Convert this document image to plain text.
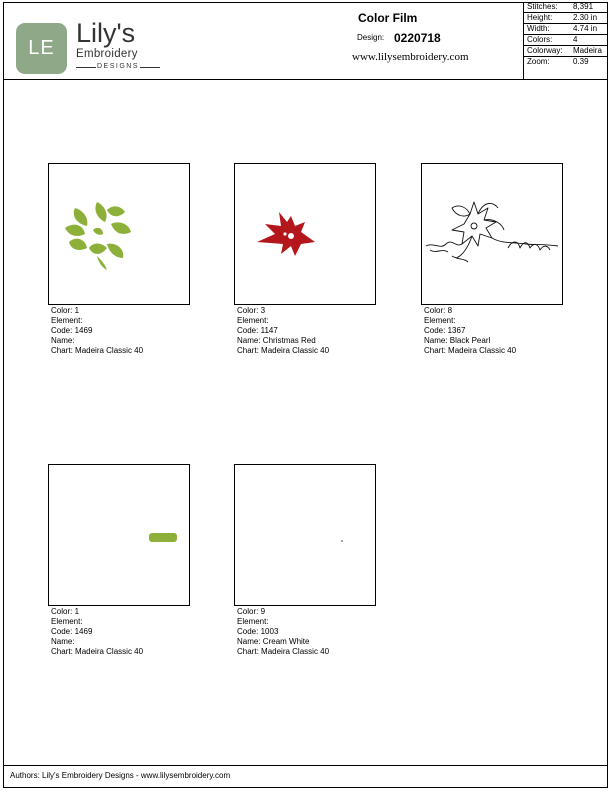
LE Lily's
Embroidery
DESIGNS
Color Film
Design: 0220718
www.lilysembroidery.com
Stitches: 8,391
Height:	2.30 in
Width:	4.74 in
Colors:	4
Colorway: Madeira
Zoom:	0.39
Color: 1
Element:
Code: 1469
Name:
Chart: Madeira Classic 40
Color: 3
Element:
Code: 1147
Name: Christmas Red
Chart: Madeira Classic 40
Color: 8
Element:
Code: 1367
Name: Black Pearl
Chart: Madeira Classic 40
Color: 1
Element:
Code: 1469
Name:
Chart: Madeira Classic 40
Color: 9
Element:
Code: 1003
Name: Cream White
Chart: Madeira Classic 40
Authors: Lily's Embroidery Designs - www.lilysembroidery.com
